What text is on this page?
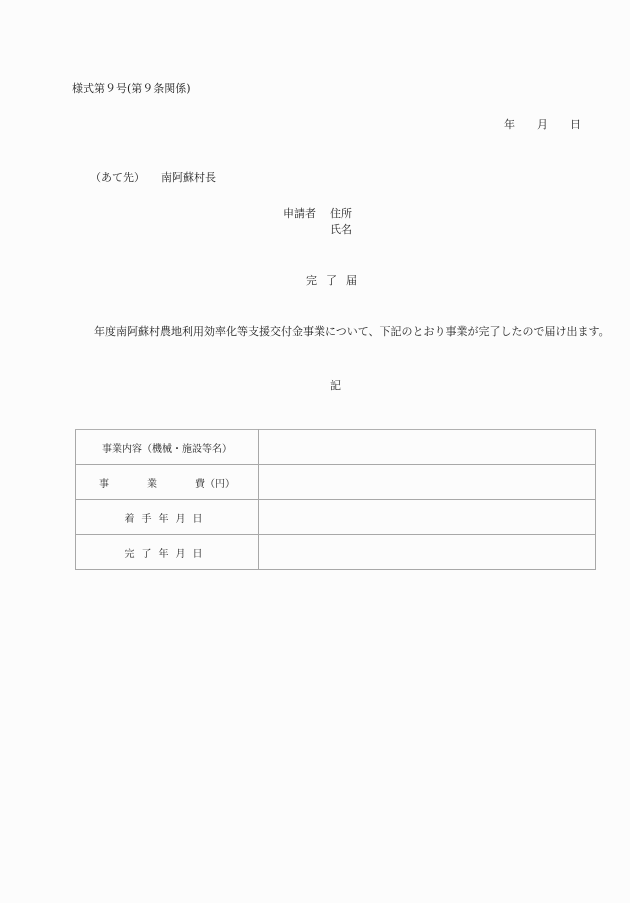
様式第９号(第９条関係)
年 月 日
（あて先） 南阿蘇村長
申請者 住所
氏名
完了届
年度南阿蘇村農地利用効率化等支援交付金事業について、下記のとおり事業が完了したので届け出ます。
記
事業内容（機械・施設等名）	
事 業 費（円）	
着手年月日	
完了年月日	
